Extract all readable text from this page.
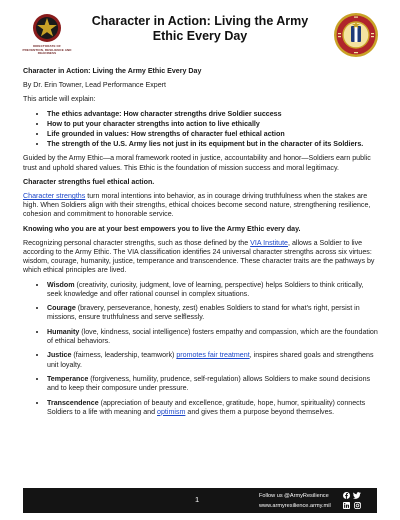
DIRECTORATE OF PREVENTION, RESILIENCE AND READINESS
Character in Action: Living the Army Ethic Every Day

Character in Action: Living the Army Ethic Every Day

By Dr. Erin Towner, Lead Performance Expert

This article will explain:

• The ethics advantage: How character strengths drive Soldier success
• How to put your character strengths into action to live ethically
• Life grounded in values: How strengths of character fuel ethical action
• The strength of the U.S. Army lies not just in its equipment but in the character of its Soldiers.

Guided by the Army Ethic—a moral framework rooted in justice, accountability and honor—Soldiers earn public trust and uphold shared values. This Ethic is the foundation of mission success and moral legitimacy.

Character strengths fuel ethical action.

Character strengths turn moral intentions into behavior, as in courage driving truthfulness when the stakes are high. When Soldiers align with their strengths, ethical choices become second nature, strengthening resilience, cohesion and commitment to honorable service.

Knowing who you are at your best empowers you to live the Army Ethic every day.

Recognizing personal character strengths, such as those defined by the VIA Institute, allows a Soldier to live according to the Army Ethic. The VIA classification identifies 24 universal character strengths across six virtues: wisdom, courage, humanity, justice, temperance and transcendence. These character traits are the pathways by which ethical principles are lived.

• Wisdom (creativity, curiosity, judgment, love of learning, perspective) helps Soldiers to think critically, seek knowledge and offer rational counsel in complex situations.
• Courage (bravery, perseverance, honesty, zest) enables Soldiers to stand for what’s right, persist in missions, ensure truthfulness and serve selflessly.
• Humanity (love, kindness, social intelligence) fosters empathy and compassion, which are the foundation of ethical behaviors.
• Justice (fairness, leadership, teamwork) promotes fair treatment, inspires shared goals and strengthens unit loyalty.
• Temperance (forgiveness, humility, prudence, self-regulation) allows Soldiers to make sound decisions and to keep their composure under pressure.
• Transcendence (appreciation of beauty and excellence, gratitude, hope, humor, spirituality) connects Soldiers to a life with meaning and optimism and gives them a purpose beyond themselves.
1	Follow us @ArmyResilience
www.armyresilience.army.mil
